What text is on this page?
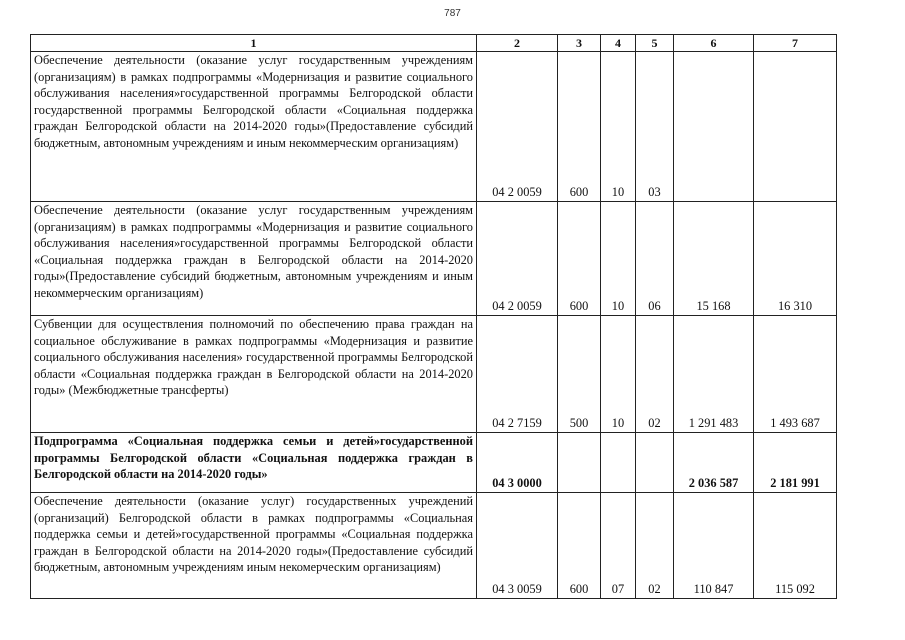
787
1	2	3	4	5	6	7
Обеспечение деятельности (оказание услуг государственным учреждениям (организациям) в рамках подпрограммы «Модернизация и развитие социального обслуживания населения»государственной программы Белгородской области государственной программы Белгородской области «Социальная поддержка граждан Белгородской области на 2014-2020 годы»(Предоставление субсидий бюджетным, автономным учреждениям и иным некоммерческим организациям)	04 2 0059	600	10	03		
Обеспечение деятельности (оказание услуг государственным учреждениям (организациям) в рамках подпрограммы «Модернизация и развитие социального обслуживания населения»государственной программы Белгородской области «Социальная поддержка граждан в Белгородской области на 2014-2020 годы»(Предоставление субсидий бюджетным, автономным учреждениям и иным некоммерческим организациям)	04 2 0059	600	10	06	15 168	16 310
Субвенции для осуществления полномочий по обеспечению права граждан на социальное обслуживание в рамках подпрограммы «Модернизация и развитие социального обслуживания населения» государственной программы Белгородской области «Социальная поддержка граждан в Белгородской области на 2014-2020 годы» (Межбюджетные трансферты)	04 2 7159	500	10	02	1 291 483	1 493 687
Подпрограмма «Социальная поддержка семьи и детей»государственной программы Белгородской области «Социальная поддержка граждан в Белгородской области на 2014-2020 годы»	04 3 0000				2 036 587	2 181 991
Обеспечение деятельности (оказание услуг) государственных учреждений (организаций) Белгородской области в рамках подпрограммы «Социальная поддержка семьи и детей»государственной программы «Социальная поддержка граждан в Белгородской области на 2014-2020 годы»(Предоставление субсидий бюджетным, автономным учреждениям иным некомерческим организациям)	04 3 0059	600	07	02	110 847	115 092
